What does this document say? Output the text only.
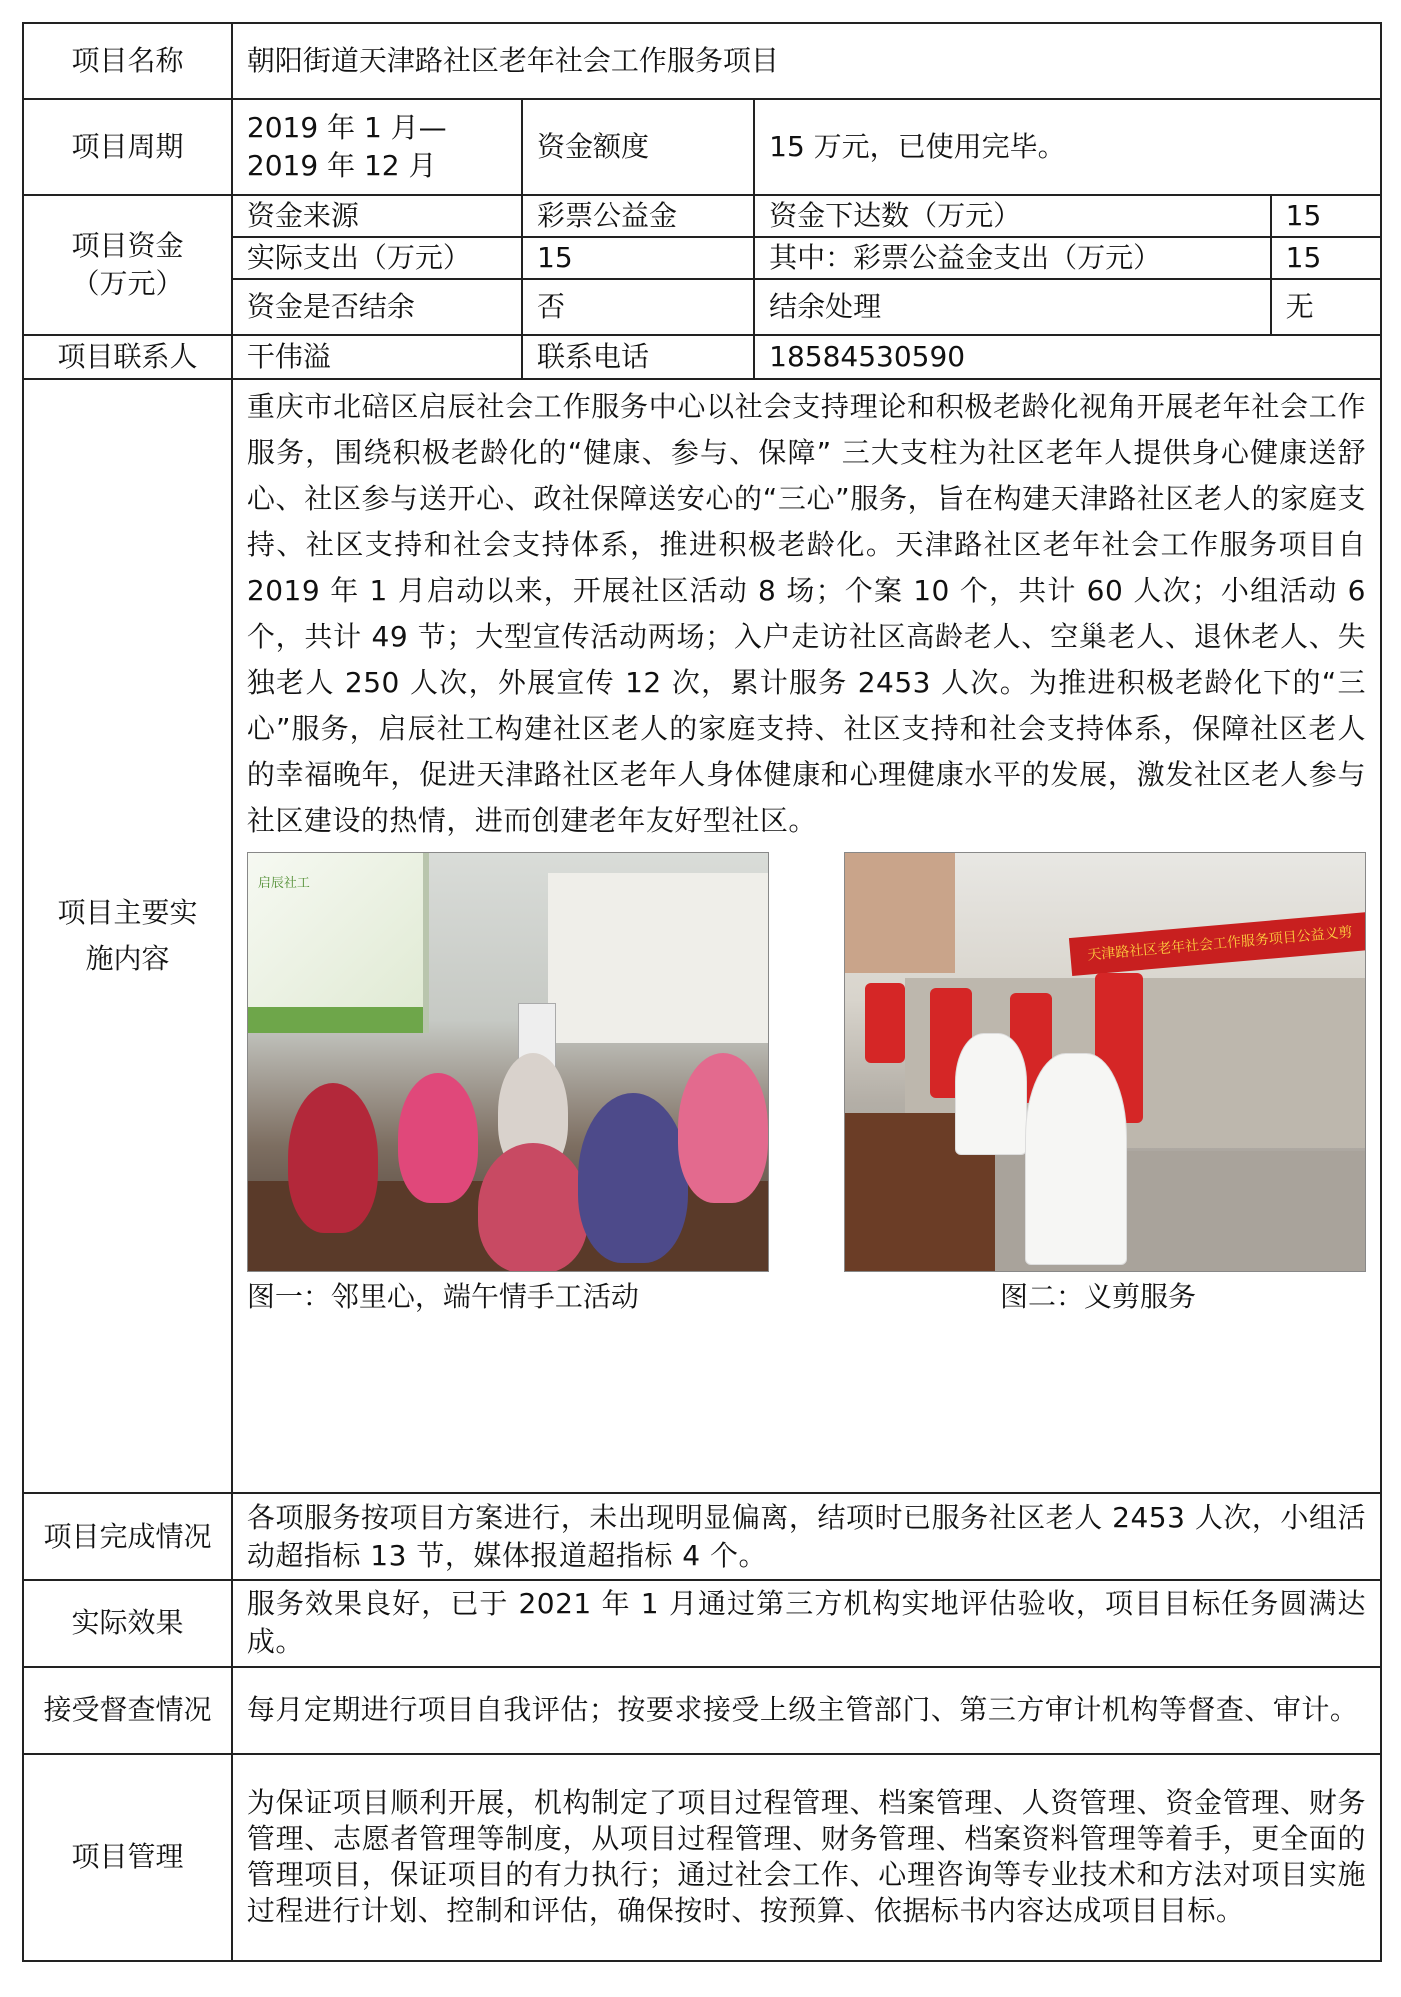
项目名称	朝阳街道天津路社区老年社会工作服务项目			
项目周期	2019 年 1 月—2019 年 12 月	资金额度	15 万元，已使用完毕。	
项目资金（万元）	资金来源	彩票公益金	资金下达数（万元）	15
	实际支出（万元）	15	其中：彩票公益金支出（万元）	15
	资金是否结余	否	结余处理	无
项目联系人	干伟溢	联系电话	18584530590	
项目主要实施内容	重庆市北碚区启辰社会工作服务中心以社会支持理论和积极老龄化视角开展老年社会工作服务，围绕积极老龄化的“健康、参与、保障” 三大支柱为社区老年人提供身心健康送舒心、社区参与送开心、政社保障送安心的“三心”服务，旨在构建天津路社区老人的家庭支持、社区支持和社会支持体系，推进积极老龄化。天津路社区老年社会工作服务项目自 2019 年 1 月启动以来，开展社区活动 8 场；个案 10 个，共计 60 人次；小组活动 6 个，共计 49 节；大型宣传活动两场；入户走访社区高龄老人、空巢老人、退休老人、失独老人 250 人次，外展宣传 12 次，累计服务 2453 人次。为推进积极老龄化下的“三心”服务，启辰社工构建社区老人的家庭支持、社区支持和社会支持体系，保障社区老人的幸福晚年，促进天津路社区老年人身体健康和心理健康水平的发展，激发社区老人参与社区建设的热情，进而创建老年友好型社区。
启辰社工
天津路社区老年社会工作服务项目公益义剪
图一：邻里心，端午情手工活动 图二：义剪服务			

项目完成情况	各项服务按项目方案进行，未出现明显偏离，结项时已服务社区老人 2453 人次，小组活动超指标 13 节，媒体报道超指标 4 个。			
实际效果	服务效果良好，已于 2021 年 1 月通过第三方机构实地评估验收，项目目标任务圆满达成。			
接受督查情况	每月定期进行项目自我评估；按要求接受上级主管部门、第三方审计机构等督查、审计。			
项目管理	为保证项目顺利开展，机构制定了项目过程管理、档案管理、人资管理、资金管理、财务管理、志愿者管理等制度，从项目过程管理、财务管理、档案资料管理等着手，更全面的管理项目，保证项目的有力执行；通过社会工作、心理咨询等专业技术和方法对项目实施过程进行计划、控制和评估，确保按时、按预算、依据标书内容达成项目目标。			
